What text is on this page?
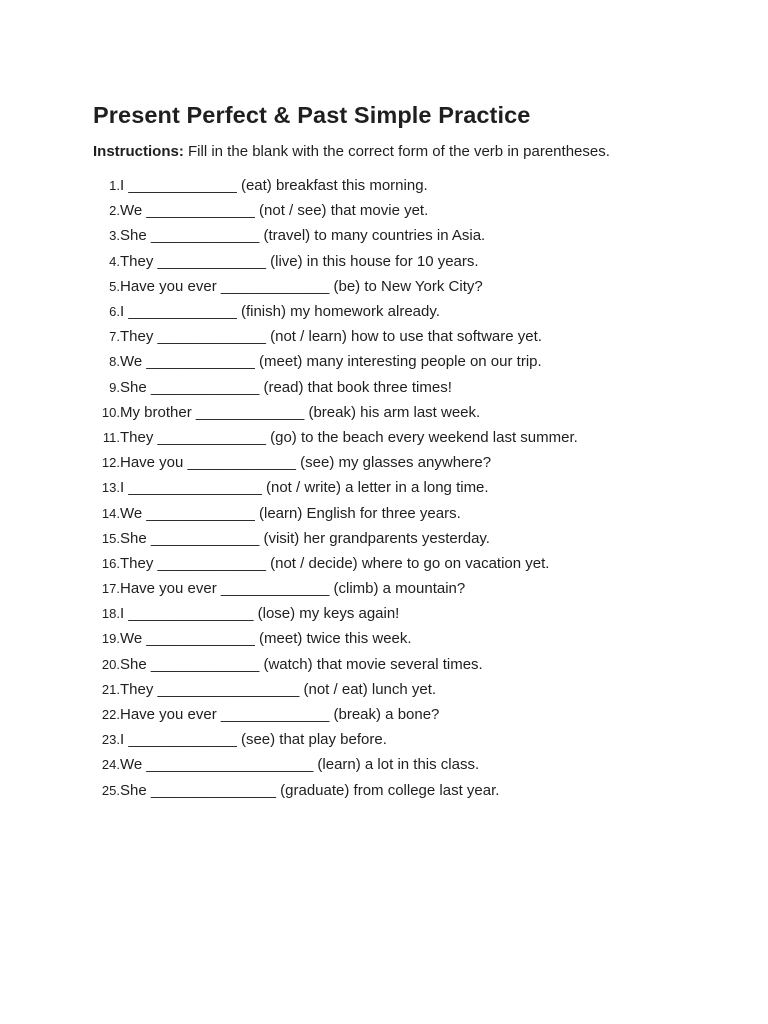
Present Perfect & Past Simple Practice
Instructions: Fill in the blank with the correct form of the verb in parentheses.
1. I _____________ (eat) breakfast this morning.
2. We _____________ (not / see) that movie yet.
3. She _____________ (travel) to many countries in Asia.
4. They _____________ (live) in this house for 10 years.
5. Have you ever _____________ (be) to New York City?
6. I _____________ (finish) my homework already.
7. They _____________ (not / learn) how to use that software yet.
8. We _____________ (meet) many interesting people on our trip.
9. She _____________ (read) that book three times!
10. My brother _____________ (break) his arm last week.
11. They _____________ (go) to the beach every weekend last summer.
12. Have you _____________ (see) my glasses anywhere?
13. I ________________ (not / write) a letter in a long time.
14. We _____________ (learn) English for three years.
15. She _____________ (visit) her grandparents yesterday.
16. They _____________ (not / decide) where to go on vacation yet.
17. Have you ever _____________ (climb) a mountain?
18. I _______________ (lose) my keys again!
19. We _____________ (meet) twice this week.
20. She _____________ (watch) that movie several times.
21. They _________________ (not / eat) lunch yet.
22. Have you ever _____________ (break) a bone?
23. I _____________ (see) that play before.
24. We ____________________ (learn) a lot in this class.
25. She _______________ (graduate) from college last year.
